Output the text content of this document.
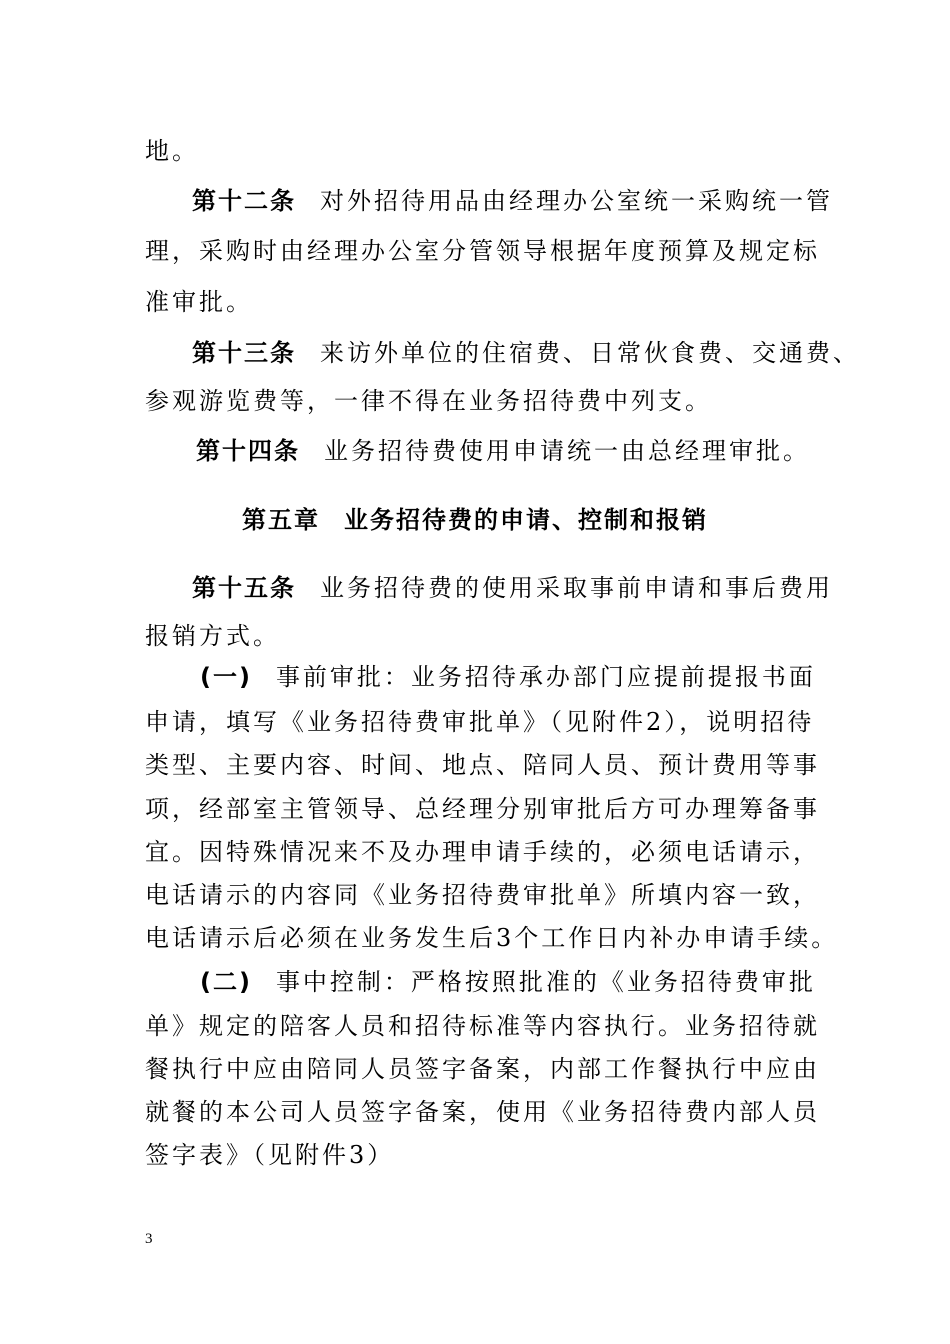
地。
第十二条 对外招待用品由经理办公室统一采购统一管
理，采购时由经理办公室分管领导根据年度预算及规定标
准审批。
第十三条 来访外单位的住宿费、日常伙食费、交通费、
参观游览费等，一律不得在业务招待费中列支。
第十四条 业务招待费使用申请统一由总经理审批。
第五章 业务招待费的申请、控制和报销
第十五条 业务招待费的使用采取事前申请和事后费用
报销方式。
(一) 事前审批：业务招待承办部门应提前提报书面
申请，填写《业务招待费审批单》（见附件2），说明招待
类型、主要内容、时间、地点、陪同人员、预计费用等事
项，经部室主管领导、总经理分别审批后方可办理筹备事
宜。因特殊情况来不及办理申请手续的，必须电话请示，
电话请示的内容同《业务招待费审批单》所填内容一致，
电话请示后必须在业务发生后3个工作日内补办申请手续。
(二) 事中控制：严格按照批准的《业务招待费审批
单》规定的陪客人员和招待标准等内容执行。业务招待就
餐执行中应由陪同人员签字备案，内部工作餐执行中应由
就餐的本公司人员签字备案，使用《业务招待费内部人员
签字表》（见附件3）
3
